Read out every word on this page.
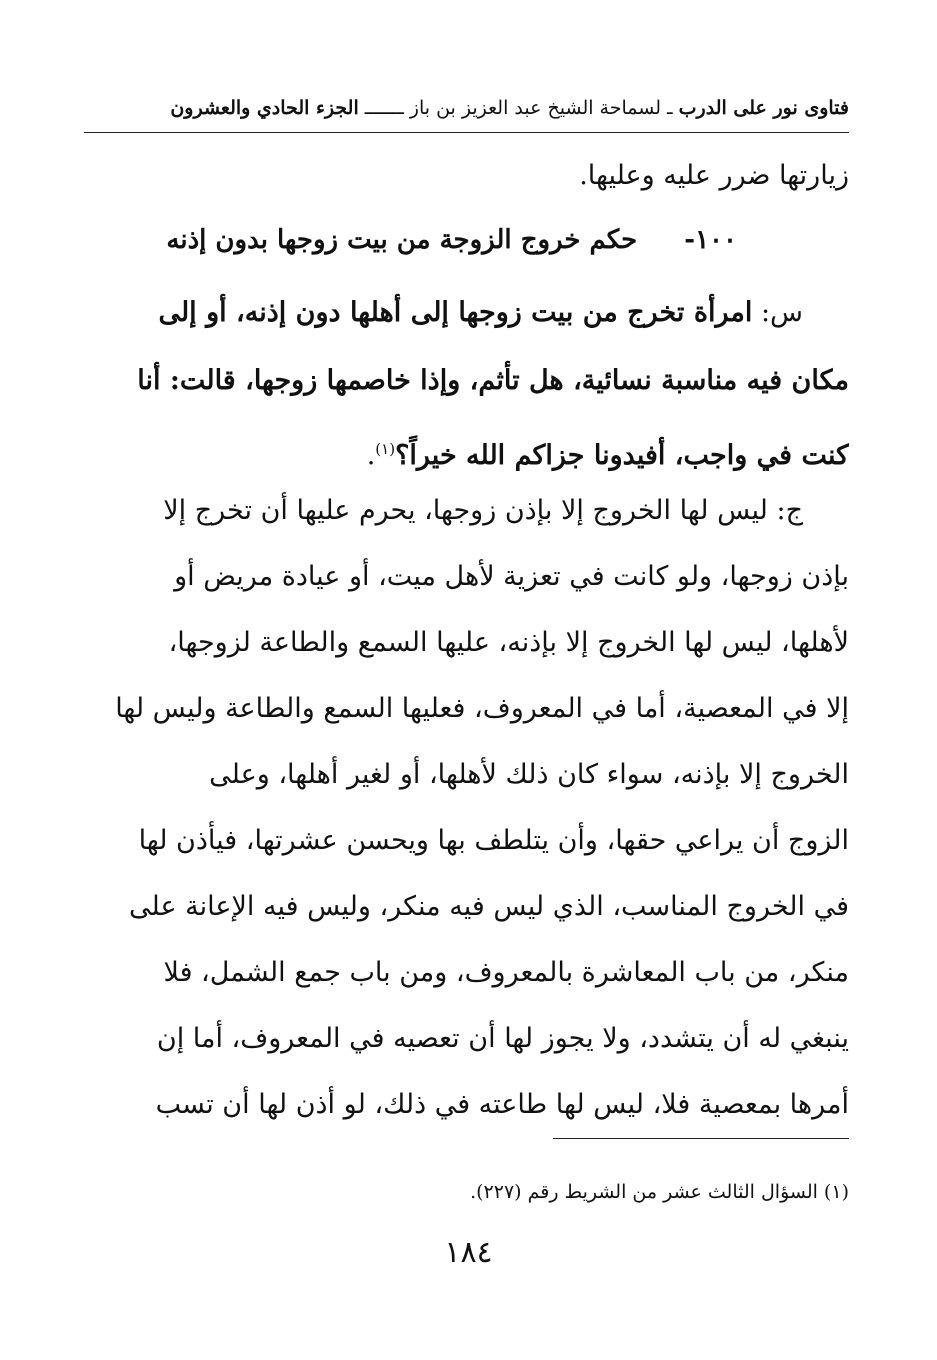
فتاوى نور على الدرب ـ لسماحة الشيخ عبد العزيز بن باز ـــــــ الجزء الحادي والعشرون
زيارتها ضرر عليه وعليها.
١٠٠- حكم خروج الزوجة من بيت زوجها بدون إذنه
س: امرأة تخرج من بيت زوجها إلى أهلها دون إذنه، أو إلى
مكان فيه مناسبة نسائية، هل تأثم، وإذا خاصمها زوجها، قالت: أنا
كنت في واجب، أفيدونا جزاكم الله خيراً؟$^{(١)}$.
ج: ليس لها الخروج إلا بإذن زوجها، يحرم عليها أن تخرج إلا
بإذن زوجها، ولو كانت في تعزية لأهل ميت، أو عيادة مريض أو
لأهلها، ليس لها الخروج إلا بإذنه، عليها السمع والطاعة لزوجها،
إلا في المعصية، أما في المعروف، فعليها السمع والطاعة وليس لها
الخروج إلا بإذنه، سواء كان ذلك لأهلها، أو لغير أهلها، وعلى
الزوج أن يراعي حقها، وأن يتلطف بها ويحسن عشرتها، فيأذن لها
في الخروج المناسب، الذي ليس فيه منكر، وليس فيه الإعانة على
منكر، من باب المعاشرة بالمعروف، ومن باب جمع الشمل، فلا
ينبغي له أن يتشدد، ولا يجوز لها أن تعصيه في المعروف، أما إن
أمرها بمعصية فلا، ليس لها طاعته في ذلك، لو أذن لها أن تسب
(١) السؤال الثالث عشر من الشريط رقم (٢٢٧).
١٨٤
